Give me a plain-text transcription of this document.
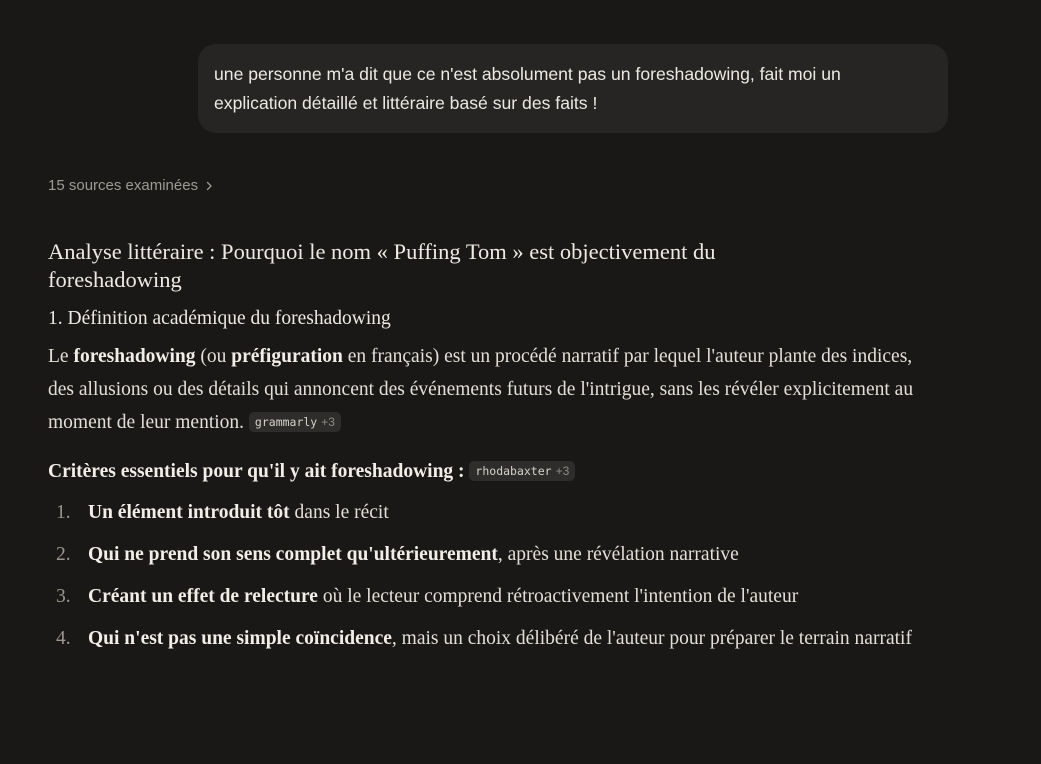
une personne m'a dit que ce n'est absolument pas un foreshadowing, fait moi un explication détaillé et littéraire basé sur des faits !
15 sources examinées
Analyse littéraire : Pourquoi le nom « Puffing Tom » est objectivement du foreshadowing
1. Définition académique du foreshadowing

Le foreshadowing (ou préfiguration en français) est un procédé narratif par lequel l'auteur plante des indices, des allusions ou des détails qui annoncent des événements futurs de l'intrigue, sans les révéler explicitement au moment de leur mention. grammarly +3

Critères essentiels pour qu'il y ait foreshadowing : rhodabaxter +3

1. Un élément introduit tôt dans le récit
2. Qui ne prend son sens complet qu'ultérieurement, après une révélation narrative
3. Créant un effet de relecture où le lecteur comprend rétroactivement l'intention de l'auteur
4. Qui n'est pas une simple coïncidence, mais un choix délibéré de l'auteur pour préparer le terrain narratif
